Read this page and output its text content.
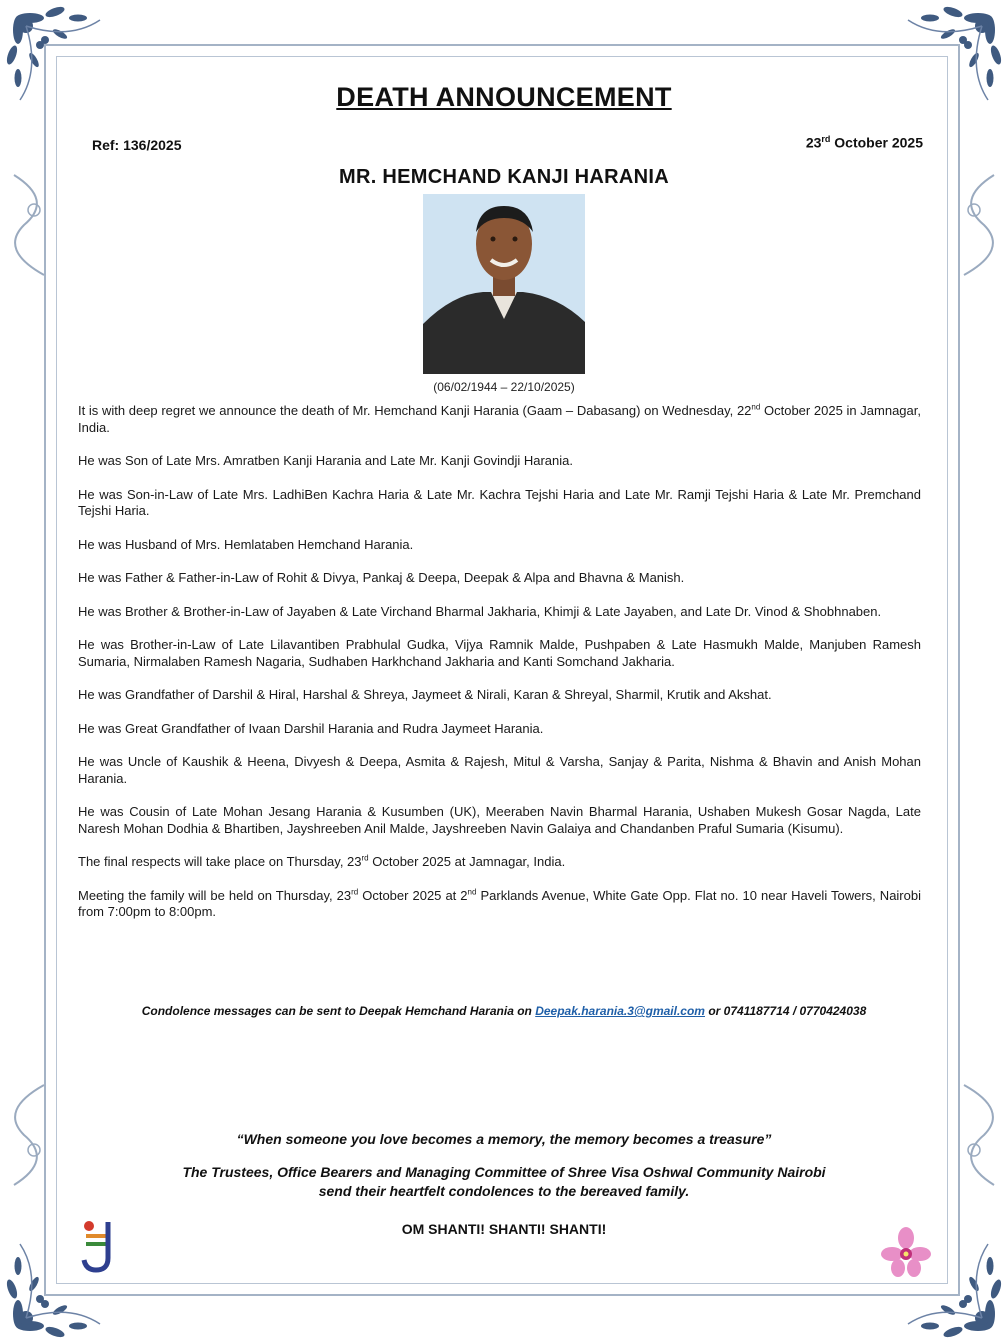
DEATH ANNOUNCEMENT
Ref: 136/2025	23rd October 2025
MR. HEMCHAND KANJI HARANIA
(06/02/1944 – 22/10/2025)

It is with deep regret we announce the death of Mr. Hemchand Kanji Harania (Gaam – Dabasang) on Wednesday, 22nd October 2025 in Jamnagar, India.

He was Son of Late Mrs. Amratben Kanji Harania and Late Mr. Kanji Govindji Harania.

He was Son-in-Law of Late Mrs. LadhiBen Kachra Haria & Late Mr. Kachra Tejshi Haria and Late Mr. Ramji Tejshi Haria & Late Mr. Premchand Tejshi Haria.

He was Husband of Mrs. Hemlataben Hemchand Harania.

He was Father & Father-in-Law of Rohit & Divya, Pankaj & Deepa, Deepak & Alpa and Bhavna & Manish.

He was Brother & Brother-in-Law of Jayaben & Late Virchand Bharmal Jakharia, Khimji & Late Jayaben, and Late Dr. Vinod & Shobhnaben.

He was Brother-in-Law of Late Lilavantiben Prabhulal Gudka, Vijya Ramnik Malde, Pushpaben & Late Hasmukh Malde, Manjuben Ramesh Sumaria, Nirmalaben Ramesh Nagaria, Sudhaben Harkhchand Jakharia and Kanti Somchand Jakharia.

He was Grandfather of Darshil & Hiral, Harshal & Shreya, Jaymeet & Nirali, Karan & Shreyal, Sharmil, Krutik and Akshat.

He was Great Grandfather of Ivaan Darshil Harania and Rudra Jaymeet Harania.

He was Uncle of Kaushik & Heena, Divyesh & Deepa, Asmita & Rajesh, Mitul & Varsha, Sanjay & Parita, Nishma & Bhavin and Anish Mohan Harania.

He was Cousin of Late Mohan Jesang Harania & Kusumben (UK), Meeraben Navin Bharmal Harania, Ushaben Mukesh Gosar Nagda, Late Naresh Mohan Dodhia & Bhartiben, Jayshreeben Anil Malde, Jayshreeben Navin Galaiya and Chandanben Praful Sumaria (Kisumu).

The final respects will take place on Thursday, 23rd October 2025 at Jamnagar, India.

Meeting the family will be held on Thursday, 23rd October 2025 at 2nd Parklands Avenue, White Gate Opp. Flat no. 10 near Haveli Towers, Nairobi from 7:00pm to 8:00pm.

Condolence messages can be sent to Deepak Hemchand Harania on Deepak.harania.3@gmail.com or 0741187714 / 0770424038
“When someone you love becomes a memory, the memory becomes a treasure”
The Trustees, Office Bearers and Managing Committee of Shree Visa Oshwal Community Nairobi
send their heartfelt condolences to the bereaved family.
OM SHANTI! SHANTI! SHANTI!
